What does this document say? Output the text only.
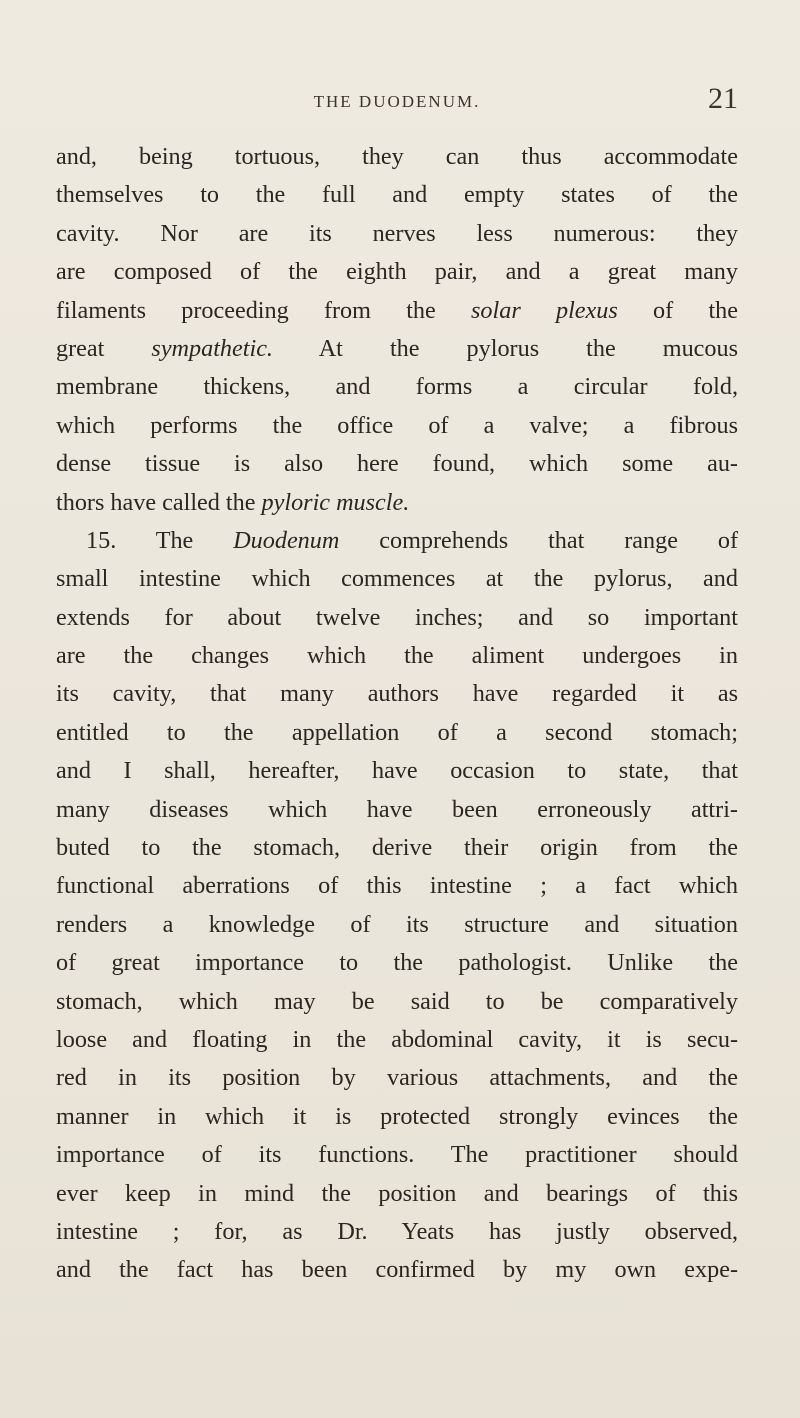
THE DUODENUM.	21
and, being tortuous, they can thus accommodate
themselves to the full and empty states of the
cavity. Nor are its nerves less numerous: they
are composed of the eighth pair, and a great many
filaments proceeding from the solar plexus of the
great sympathetic. At the pylorus the mucous
membrane thickens, and forms a circular fold,
which performs the office of a valve; a fibrous
dense tissue is also here found, which some au-
thors have called the pyloric muscle.
15. The Duodenum comprehends that range of
small intestine which commences at the pylorus, and
extends for about twelve inches; and so important
are the changes which the aliment undergoes in
its cavity, that many authors have regarded it as
entitled to the appellation of a second stomach;
and I shall, hereafter, have occasion to state, that
many diseases which have been erroneously attri-
buted to the stomach, derive their origin from the
functional aberrations of this intestine ; a fact which
renders a knowledge of its structure and situation
of great importance to the pathologist. Unlike the
stomach, which may be said to be comparatively
loose and floating in the abdominal cavity, it is secu-
red in its position by various attachments, and the
manner in which it is protected strongly evinces the
importance of its functions. The practitioner should
ever keep in mind the position and bearings of this
intestine ; for, as Dr. Yeats has justly observed,
and the fact has been confirmed by my own expe-
